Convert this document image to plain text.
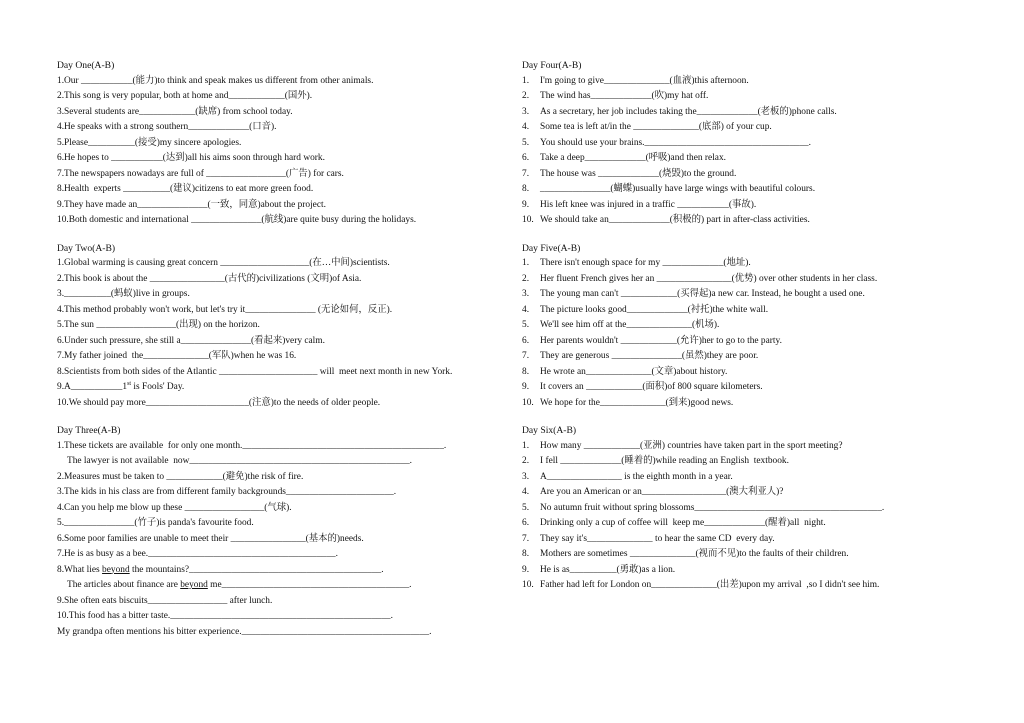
Day One(A-B)
1.Our ___________(能力)to think and speak makes us different from other animals.
2.This song is very popular, both at home and____________(国外).
3.Several students are____________(缺席) from school today.
4.He speaks with a strong southern_____________(口音).
5.Please__________(接受)my sincere apologies.
6.He hopes to ___________(达到)all his aims soon through hard work.
7.The newspapers nowadays are full of _________________(广告) for cars.
8.Health  experts __________(建议)citizens to eat more green food.
9.They have made an_______________(一致，同意)about the project.
10.Both domestic and international _______________(航线)are quite busy during the holidays.
Day Two(A-B)
1.Global warming is causing great concern ___________________(在…中间)scientists.
2.This book is about the ________________(古代的)civilizations (文明)of Asia.
3.__________(蚂蚁)live in groups.
4.This method probably won't work, but let's try it_______________ (无论如何，反正).
5.The sun _________________(出现) on the horizon.
6.Under such pressure, she still a_______________(看起来)very calm.
7.My father joined  the______________(军队)when he was 16.
8.Scientists from both sides of the Atlantic _____________________ will  meet next month in new York.
9.A___________1st is Fools' Day.
10.We should pay more______________________(注意)to the needs of older people.
Day Three(A-B)
1.These tickets are available  for only one month.___________________________________________.
The lawyer is not available  now_______________________________________________.
2.Measures must be taken to ____________(避免)the risk of fire.
3.The kids in his class are from different family backgrounds_______________________.
4.Can you help me blow up these _________________(气球).
5._______________(竹子)is panda's favourite food.
6.Some poor families are unable to meet their ________________(基本的)needs.
7.He is as busy as a bee.________________________________________.
8.What lies beyond the mountains?_________________________________________.
The articles about finance are beyond me________________________________________.
9.She often eats biscuits_________________ after lunch.
10.This food has a bitter taste._______________________________________________.
My grandpa often mentions his bitter experience.________________________________________.
Day Four(A-B)
1. I'm going to give______________(血液)this afternoon.
2. The wind has_____________(吹)my hat off.
3. As a secretary, her job includes taking the_____________(老板的)phone calls.
4. Some tea is left at/in the ______________(底部) of your cup.
5. You should use your brains.___________________________________.
6. Take a deep_____________(呼吸)and then relax.
7. The house was _____________(烧毁)to the ground.
8. _______________(蝴蝶)usually have large wings with beautiful colours.
9. His left knee was injured in a traffic ___________(事故).
10. We should take an_____________(积极的) part in after-class activities.
Day Five(A-B)
1. There isn't enough space for my _____________(地址).
2. Her fluent French gives her an ________________(优势) over other students in her class.
3. The young man can't ____________(买得起)a new car. Instead, he bought a used one.
4. The picture looks good_____________(衬托)the white wall.
5. We'll see him off at the______________(机场).
6. Her parents wouldn't ____________(允许)her to go to the party.
7. They are generous _______________(虽然)they are poor.
8. He wrote an______________(文章)about history.
9. It covers an ____________(面积)of 800 square kilometers.
10. We hope for the______________(到来)good news.
Day Six(A-B)
1. How many ____________(亚洲) countries have taken part in the sport meeting?
2. I fell _____________(睡着的)while reading an English  textbook.
3. A________________ is the eighth month in a year.
4. Are you an American or an__________________(澳大利亚人)?
5. No autumn fruit without spring blossoms________________________________________.
6. Drinking only a cup of coffee will  keep me_____________(醒着)all  night.
7. They say it's______________ to hear the same CD  every day.
8. Mothers are sometimes ______________(视而不见)to the faults of their children.
9. He is as__________(勇敢)as a lion.
10. Father had left for London on______________(出差)upon my arrival  ,so I didn't see him.
